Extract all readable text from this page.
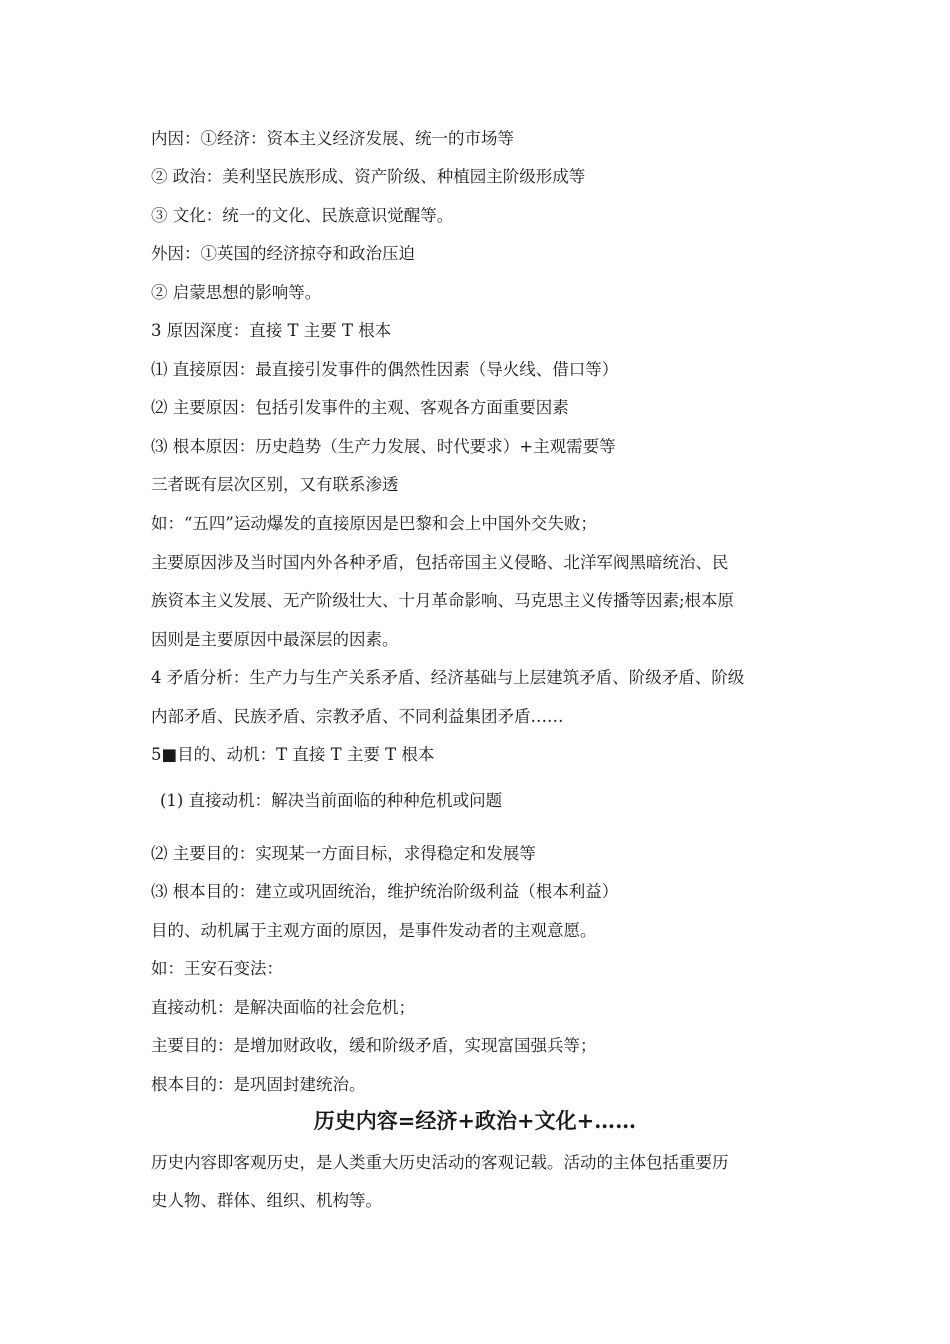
内因：①经济：资本主义经济发展、统一的市场等
② 政治：美利坚民族形成、资产阶级、种植园主阶级形成等
③ 文化：统一的文化、民族意识觉醒等。
外因：①英国的经济掠夺和政治压迫
② 启蒙思想的影响等。
3 原因深度：直接 T 主要 T 根本
⑴ 直接原因：最直接引发事件的偶然性因素（导火线、借口等）
⑵ 主要原因：包括引发事件的主观、客观各方面重要因素
⑶ 根本原因：历史趋势（生产力发展、时代要求）+主观需要等
三者既有层次区别，又有联系渗透
如：“五四”运动爆发的直接原因是巴黎和会上中国外交失败；
主要原因涉及当时国内外各种矛盾，包括帝国主义侵略、北洋军阀黑暗统治、民
族资本主义发展、无产阶级壮大、十月革命影响、马克思主义传播等因素;根本原
因则是主要原因中最深层的因素。
4 矛盾分析：生产力与生产关系矛盾、经济基础与上层建筑矛盾、阶级矛盾、阶级
内部矛盾、民族矛盾、宗教矛盾、不同利益集团矛盾……
5■目的、动机：T 直接 T 主要 T 根本
(1) 直接动机：解决当前面临的种种危机或问题
⑵ 主要目的：实现某一方面目标，求得稳定和发展等
⑶ 根本目的：建立或巩固统治，维护统治阶级利益（根本利益）
目的、动机属于主观方面的原因，是事件发动者的主观意愿。
如：王安石变法：
直接动机：是解决面临的社会危机；
主要目的：是增加财政收，缓和阶级矛盾，实现富国强兵等；
根本目的：是巩固封建统治。
历史内容=经济+政治+文化+……
历史内容即客观历史，是人类重大历史活动的客观记载。活动的主体包括重要历
史人物、群体、组织、机构等。
